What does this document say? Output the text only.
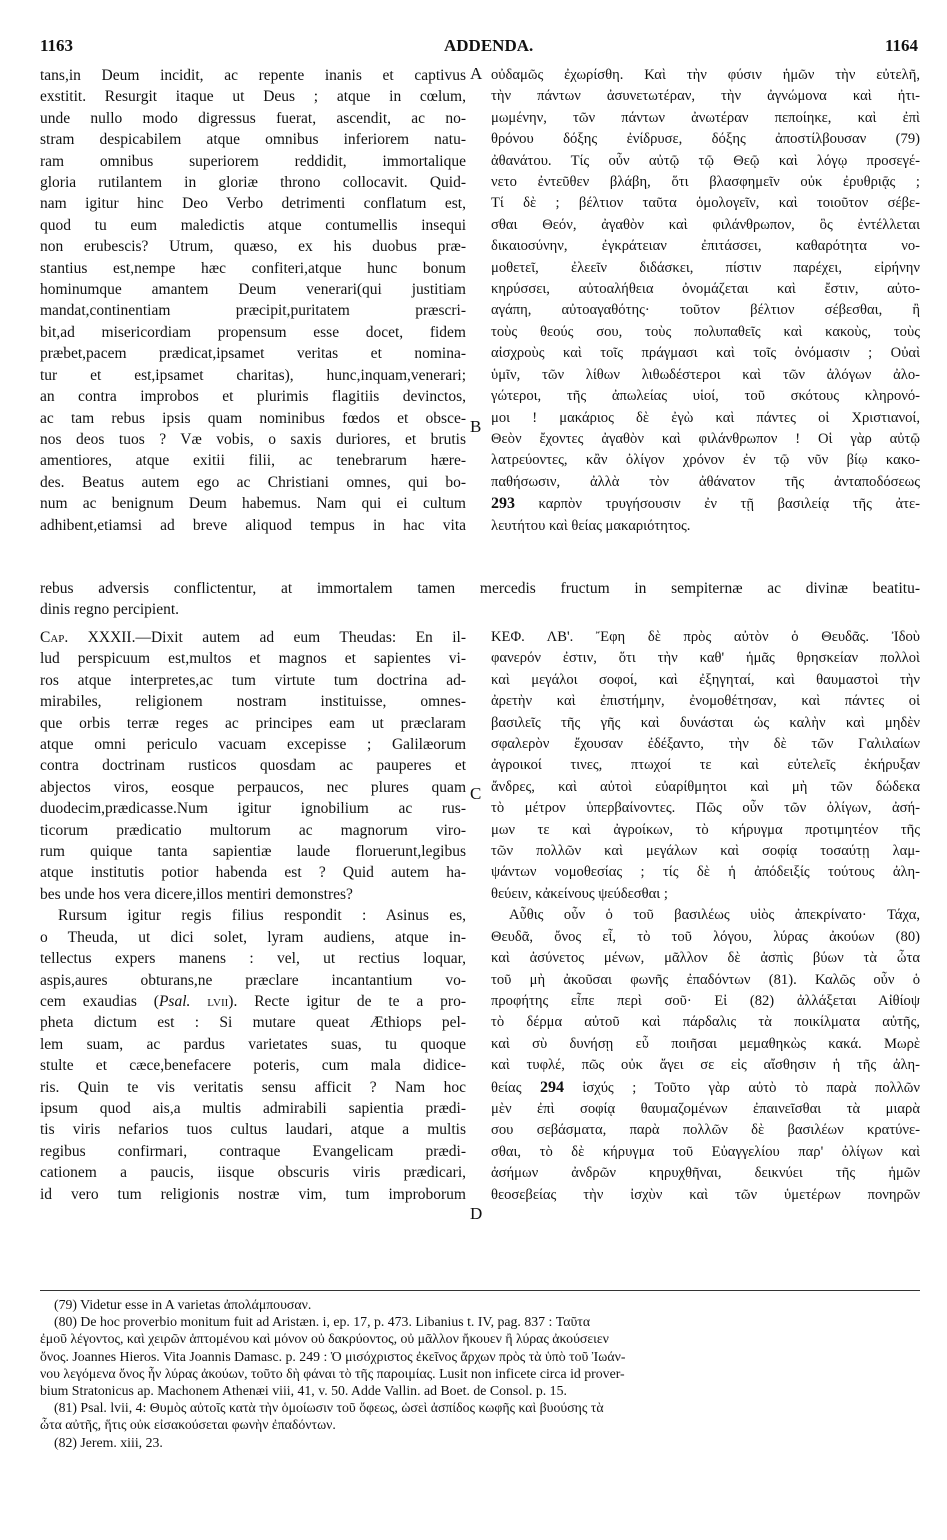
1163	ADDENDA.	1164
A
B
C
D
tans,in Deum incidit, ac repente inanis et captivus
exstitit. Resurgit itaque ut Deus ; atque in cœlum,
unde nullo modo digressus fuerat, ascendit, ac no-
stram despicabilem atque omnibus inferiorem natu-
ram omnibus superiorem reddidit, immortalique
gloria rutilantem in gloriæ throno collocavit. Quid-
nam igitur hinc Deo Verbo detrimenti conflatum est,
quod tu eum maledictis atque contumellis insequi
non erubescis? Utrum, quæso, ex his duobus præ-
stantius est,nempe hæc confiteri,atque hunc bonum
hominumque amantem Deum venerari(qui justitiam
mandat,continentiam præcipit,puritatem præscri-
bit,ad misericordiam propensum esse docet, fidem
præbet,pacem prædicat,ipsamet veritas et nomina-
tur et est,ipsamet charitas), hunc,inquam,venerari;
an contra improbos et plurimis flagitiis devinctos,
ac tam rebus ipsis quam nominibus fœdos et obsce-
nos deos tuos ? Væ vobis, o saxis duriores, et brutis
amentiores, atque exitii filii, ac tenebrarum hære-
des. Beatus autem ego ac Christiani omnes, qui bo-
num ac benignum Deum habemus. Nam qui ei cultum
adhibent,etiamsi ad breve aliquod tempus in hac vita
οὐδαμῶς ἐχωρίσθη. Καὶ τὴν φύσιν ἡμῶν τὴν εὐτελῆ,
τὴν πάντων ἀσυνετωτέραν, τὴν ἀγνώμονα καὶ ἠτι-
μωμένην, τῶν πάντων ἀνωτέραν πεποίηκε, καὶ ἐπὶ
θρόνου δόξης ἐνίδρυσε, δόξης ἀποστίλβουσαν (79)
ἀθανάτου. Τίς οὖν αὐτῷ τῷ Θεῷ καὶ λόγῳ προσεγέ-
νετο ἐντεῦθεν βλάβη, ὅτι βλασφημεῖν οὐκ ἐρυθριᾷς ;
Τί δὲ ; βέλτιον ταῦτα ὁμολογεῖν, καὶ τοιοῦτον σέβε-
σθαι Θεόν, ἀγαθὸν καὶ φιλάνθρωπον, ὃς ἐντέλλεται
δικαιοσύνην, ἐγκράτειαν ἐπιτάσσει, καθαρότητα νο-
μοθετεῖ, ἐλεεῖν διδάσκει, πίστιν παρέχει, εἰρήνην
κηρύσσει, αὐτοαλήθεια ὀνομάζεται καὶ ἔστιν, αὐτο-
αγάπη, αὐτοαγαθότης· τοῦτον βέλτιον σέβεσθαι, ἢ
τοὺς θεούς σου, τοὺς πολυπαθεῖς καὶ κακοὺς, τοὺς
αἰσχροὺς καὶ τοῖς πράγμασι καὶ τοῖς ὀνόμασιν ; Οὐαὶ
ὑμῖν, τῶν λίθων λιθωδέστεροι καὶ τῶν ἀλόγων ἀλο-
γώτεροι, τῆς ἀπωλείας υἱοί, τοῦ σκότους κληρονό-
μοι ! μακάριος δὲ ἐγὼ καὶ πάντες οἱ Χριστιανοί,
Θεὸν ἔχοντες ἀγαθὸν καὶ φιλάνθρωπον ! Οἱ γὰρ αὐτῷ
λατρεύοντες, κἂν ὀλίγον χρόνον ἐν τῷ νῦν βίῳ κακο-
παθήσωσιν, ἀλλὰ τὸν ἀθάνατον τῆς ἀνταποδόσεως
293 καρπὸν τρυγήσουσιν ἐν τῇ βασιλείᾳ τῆς ἀτε-
λευτήτου καὶ θείας μακαριότητος.
rebus adversis conflictentur, at immortalem tamen mercedis fructum in sempiternæ ac divinæ beatitu-
dinis regno percipient.
Cap. XXXII.—Dixit autem ad eum Theudas: En il-
lud perspicuum est,multos et magnos et sapientes vi-
ros atque interpretes,ac tum virtute tum doctrina ad-
mirabiles, religionem nostram instituisse, omnes-
que orbis terræ reges ac principes eam ut præclaram
atque omni periculo vacuam excepisse ; Galilæorum
contra doctrinam rusticos quosdam ac pauperes et
abjectos viros, eosque perpaucos, nec plures quam
duodecim,prædicasse.Num igitur ignobilium ac rus-
ticorum prædicatio multorum ac magnorum viro-
rum quique tanta sapientiæ laude floruerunt,legibus
atque institutis potior habenda est ? Quid autem ha-
bes unde hos vera dicere,illos mentiri demonstres?
Rursum igitur regis filius respondit : Asinus es,
o Theuda, ut dici solet, lyram audiens, atque in-
tellectus expers manens : vel, ut rectius loquar,
aspis,aures obturans,ne præclare incantantium vo-
cem exaudias (Psal. lvii). Recte igitur de te a pro-
pheta dictum est : Si mutare queat Æthiops pel-
lem suam, ac pardus varietates suas, tu quoque
stulte et cæce,benefacere poteris, cum mala didice-
ris. Quin te vis veritatis sensu afficit ? Nam hoc
ipsum quod ais,a multis admirabili sapientia prædi-
tis viris nefarios tuos cultus laudari, atque a multis
regibus confirmari, contraque Evangelicam prædi-
cationem a paucis, iisque obscuris viris prædicari,
id vero tum religionis nostræ vim, tum improborum
ΚΕΦ. ΛΒ'. Ἔφη δὲ πρὸς αὐτὸν ὁ Θευδᾶς. Ἰδοὺ
φανερόν ἐστιν, ὅτι τὴν καθ' ἡμᾶς θρησκείαν πολλοὶ
καὶ μεγάλοι σοφοί, καὶ ἐξηγηταί, καὶ θαυμαστοὶ τὴν
ἀρετὴν καὶ ἐπιστήμην, ἐνομοθέτησαν, καὶ πάντες οἱ
βασιλεῖς τῆς γῆς καὶ δυνάσται ὡς καλὴν καὶ μηδὲν
σφαλερὸν ἔχουσαν ἐδέξαντο, τὴν δὲ τῶν Γαλιλαίων
ἀγροικοί τινες, πτωχοί τε καὶ εὐτελεῖς ἐκήρυξαν
ἄνδρες, καὶ αὐτοὶ εὐαρίθμητοι καὶ μὴ τῶν δώδεκα
τὸ μέτρον ὑπερβαίνοντες. Πῶς οὖν τῶν ὀλίγων, ἀσή-
μων τε καὶ ἀγροίκων, τὸ κήρυγμα προτιμητέον τῆς
τῶν πολλῶν καὶ μεγάλων καὶ σοφίᾳ τοσαύτῃ λαμ-
ψάντων νομοθεσίας ; τίς δὲ ἡ ἀπόδειξίς τούτους ἀλη-
θεύειν, κἀκείνους ψεύδεσθαι ;
Αὖθις οὖν ὁ τοῦ βασιλέως υἱὸς ἀπεκρίνατο· Τάχα,
Θευδᾶ, ὄνος εἶ, τὸ τοῦ λόγου, λύρας ἀκούων (80)
καὶ ἀσύνετος μένων, μᾶλλον δὲ ἀσπὶς βύων τὰ ὦτα
τοῦ μὴ ἀκοῦσαι φωνῆς ἐπαδόντων (81). Καλῶς οὖν ὁ
προφήτης εἶπε περὶ σοῦ· Εἰ (82) ἀλλάξεται Αἰθίοψ
τὸ δέρμα αὐτοῦ καὶ πάρδαλις τὰ ποικίλματα αὐτῆς,
καὶ σὺ δυνήσῃ εὖ ποιῆσαι μεμαθηκὼς κακά. Μωρὲ
καὶ τυφλέ, πῶς οὐκ ἄγει σε εἰς αἴσθησιν ἡ τῆς ἀλη-
θείας 294 ἰσχύς ; Τοῦτο γὰρ αὐτὸ τὸ παρὰ πολλῶν
μὲν ἐπὶ σοφίᾳ θαυμαζομένων ἐπαινεῖσθαι τὰ μιαρὰ
σου σεβάσματα, παρὰ πολλῶν δὲ βασιλέων κρατύνε-
σθαι, τὸ δὲ κήρυγμα τοῦ Εὐαγγελίου παρ' ὀλίγων καὶ
ἀσήμων ἀνδρῶν κηρυχθῆναι, δεικνύει τῆς ἡμῶν
θεοσεβείας τὴν ἰσχὺν καὶ τῶν ὑμετέρων πονηρῶν
(79) Videtur esse in A varietas ἀπολάμπουσαν.
(80) De hoc proverbio monitum fuit ad Aristæn. i, ep. 17, p. 473. Libanius t. IV, pag. 837 : Ταῦτα
ἐμοῦ λέγοντος, καὶ χειρῶν ἁπτομένου καὶ μόνον οὐ δακρύοντος, οὐ μᾶλλον ἤκουεν ἢ λύρας ἀκούσειεν
ὄνος. Joannes Hieros. Vita Joannis Damasc. p. 249 : Ὁ μισόχριστος ἐκεῖνος ἄρχων πρὸς τὰ ὑπὸ τοῦ Ἰωάν-
νου λεγόμενα ὄνος ἦν λύρας ἀκούων, τοῦτο δὴ φάναι τὸ τῆς παροιμίας. Lusit non inficete circa id prover-
bium Stratonicus ap. Machonem Athenæi viii, 41, v. 50. Adde Vallin. ad Boet. de Consol. p. 15.
(81) Psal. lvii, 4: Θυμὸς αὐτοῖς κατὰ τὴν ὁμοίωσιν τοῦ ὄφεως, ὡσεὶ ἀσπίδος κωφῆς καὶ βυούσης τὰ
ὦτα αὐτῆς, ἥτις οὐκ εἰσακούσεται φωνὴν ἐπαδόντων.
(82) Jerem. xiii, 23.
